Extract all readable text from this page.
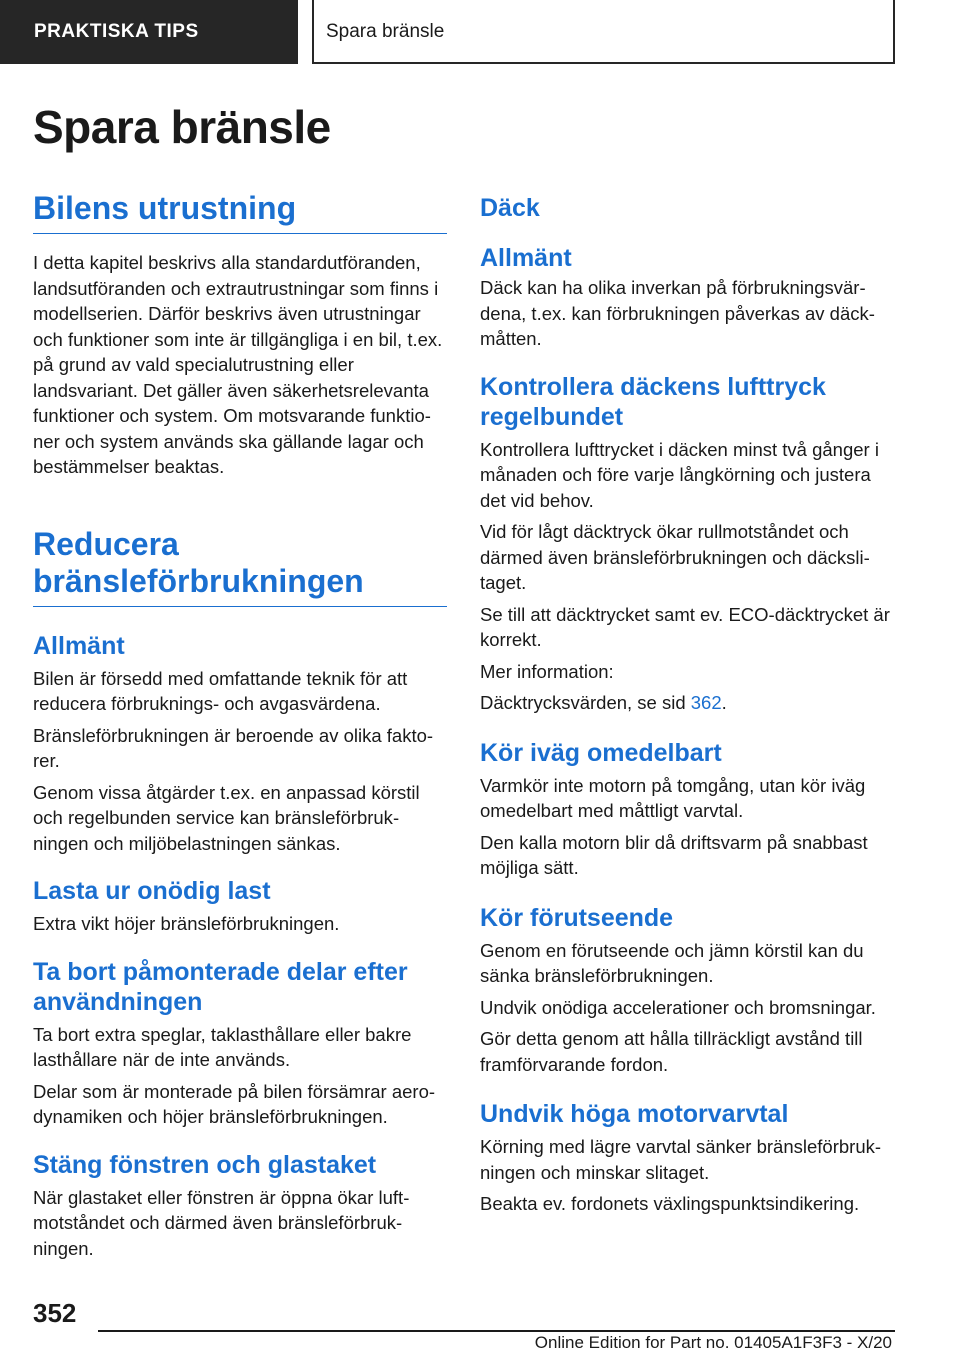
PRAKTISKA TIPS	Spara bränsle
Spara bränsle
Bilens utrustning

I detta kapitel beskrivs alla standardutföranden, landsutföranden och extrautrustningar som finns i modellserien. Därför beskrivs även utrustningar och funktioner som inte är tillgängliga i en bil, t.ex. på grund av vald specialutrustning eller landsvariant. Det gäller även säkerhetsrelevanta funktioner och system. Om motsvarande funktioner och system används ska gällande lagar och bestämmelser beaktas.

Reducera bränsleförbrukningen
Allmänt

Bilen är försedd med omfattande teknik för att reducera förbruknings- och avgasvärdena.

Bränsleförbrukningen är beroende av olika faktorer.

Genom vissa åtgärder t.ex. en anpassad körstil och regelbunden service kan bränsleförbrukningen och miljöbelastningen sänkas.

Lasta ur onödig last

Extra vikt höjer bränsleförbrukningen.

Ta bort påmonterade delar efter användningen

Ta bort extra speglar, taklasthållare eller bakre lasthållare när de inte används.

Delar som är monterade på bilen försämrar aerodynamiken och höjer bränsleförbrukningen.

Stäng fönstren och glastaket

När glastaket eller fönstren är öppna ökar luftmotståndet och därmed även bränsleförbrukningen.

Däck
Allmänt

Däck kan ha olika inverkan på förbrukningsvärdena, t.ex. kan förbrukningen påverkas av däckmåtten.

Kontrollera däckens lufttryck regelbundet

Kontrollera lufttrycket i däcken minst två gånger i månaden och före varje långkörning och justera det vid behov.

Vid för lågt däcktryck ökar rullmotståndet och därmed även bränsleförbrukningen och däckslitaget.

Se till att däcktrycket samt ev. ECO-däcktrycket är korrekt.

Mer information:

Däcktrycksvärden, se sid 362.

Kör iväg omedelbart

Varmkör inte motorn på tomgång, utan kör iväg omedelbart med måttligt varvtal.

Den kalla motorn blir då driftsvarm på snabbast möjliga sätt.

Kör förutseende

Genom en förutseende och jämn körstil kan du sänka bränsleförbrukningen.

Undvik onödiga accelerationer och bromsningar.

Gör detta genom att hålla tillräckligt avstånd till framförvarande fordon.

Undvik höga motorvarvtal

Körning med lägre varvtal sänker bränsleförbrukningen och minskar slitaget.

Beakta ev. fordonets växlingspunktsindikering.

352
Online Edition for Part no. 01405A1F3F3 - X/20
